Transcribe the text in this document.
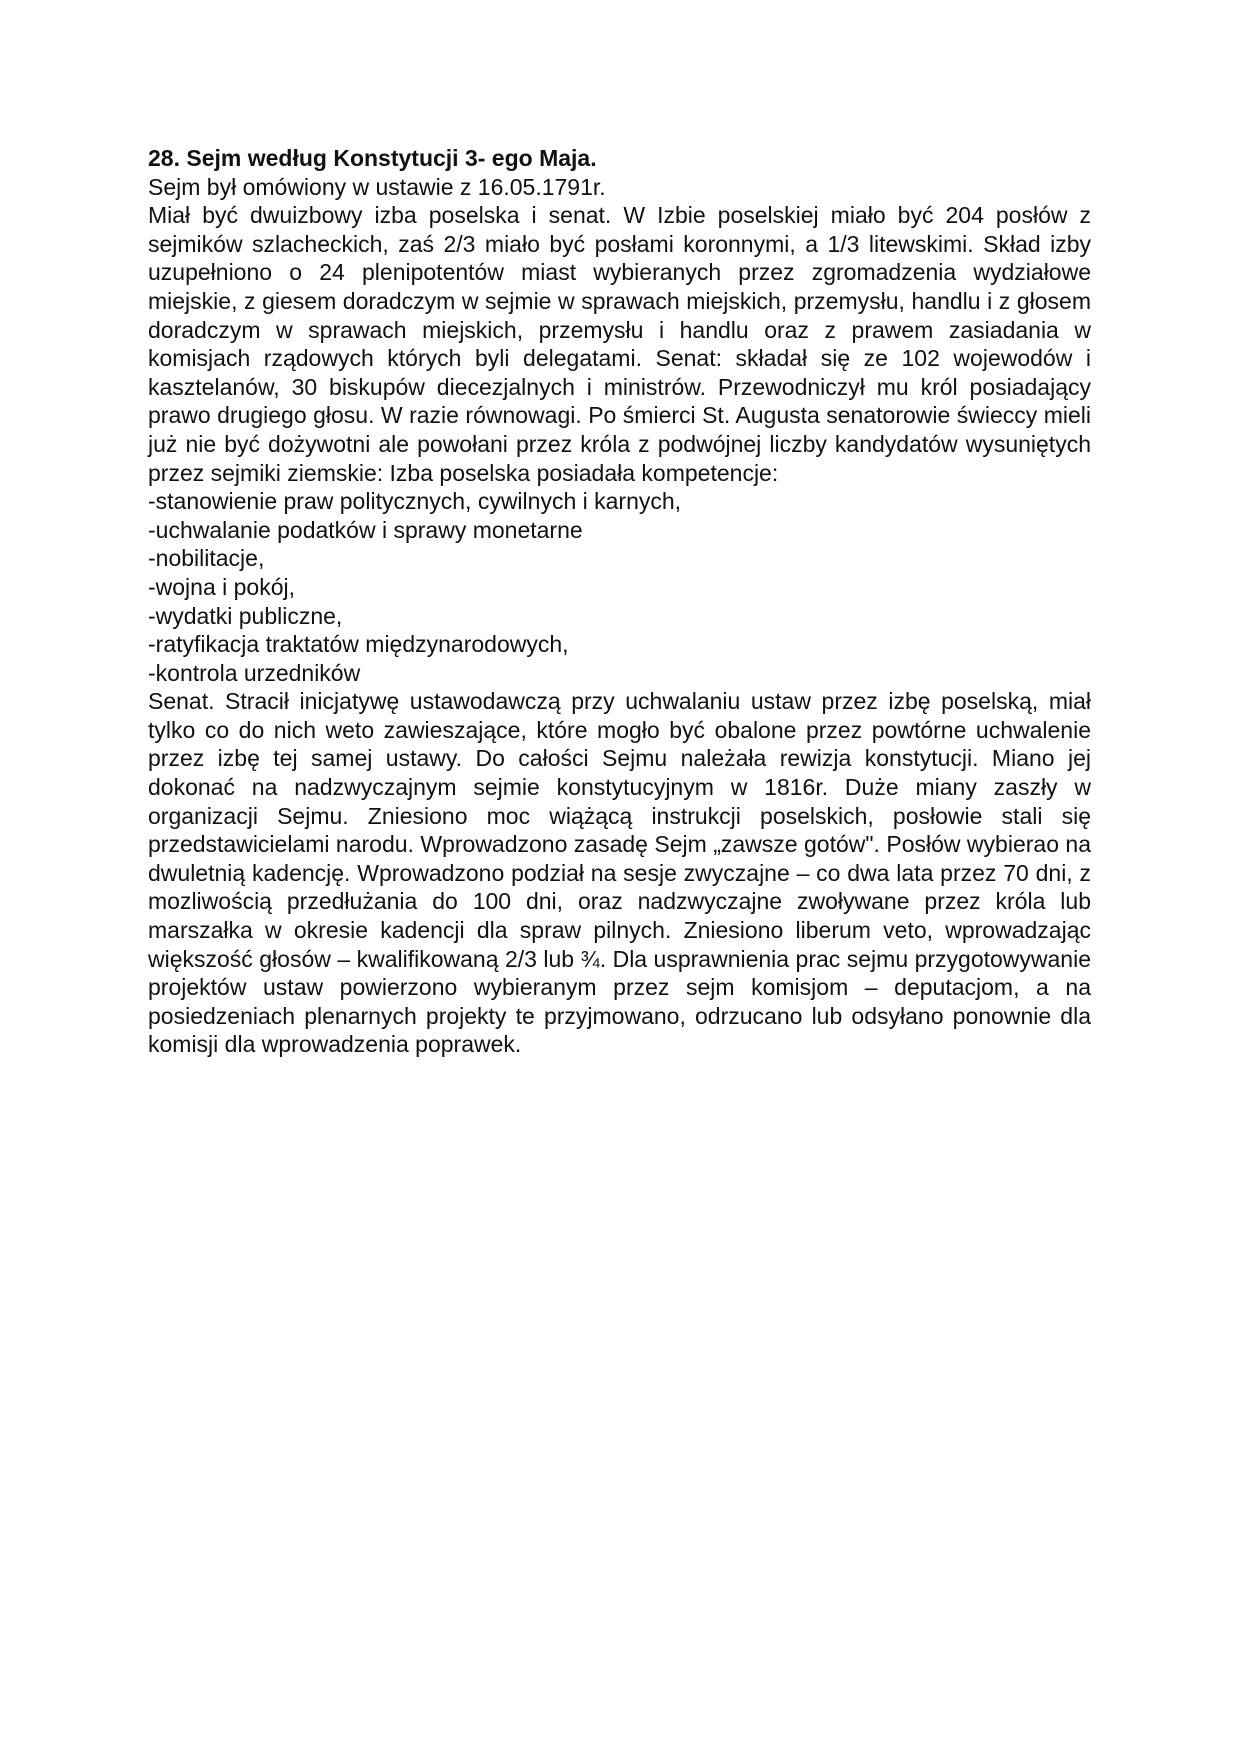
28. Sejm według Konstytucji 3- ego Maja.

Sejm był omówiony w ustawie z 16.05.1791r.

Miał być dwuizbowy izba poselska i senat. W Izbie poselskiej miało być 204 posłów z sejmików szlacheckich, zaś 2/3 miało być posłami koronnymi, a 1/3 litewskimi. Skład izby uzupełniono o 24 plenipotentów miast wybieranych przez zgromadzenia wydziałowe miejskie, z giesem doradczym w sejmie w sprawach miejskich, przemysłu, handlu i z głosem doradczym w sprawach miejskich, przemysłu i handlu oraz z prawem zasiadania w komisjach rządowych których byli delegatami. Senat: składał się ze 102 wojewodów i kasztelanów, 30 biskupów diecezjalnych i ministrów. Przewodniczył mu król posiadający prawo drugiego głosu. W razie równowagi. Po śmierci St. Augusta senatorowie świeccy mieli już nie być dożywotni ale powołani przez króla z podwójnej liczby kandydatów wysuniętych przez sejmiki ziemskie: Izba poselska posiadała kompetencje:

-stanowienie praw politycznych, cywilnych i karnych,
-uchwalanie podatków i sprawy monetarne
-nobilitacje,
-wojna i pokój,
-wydatki publiczne,
-ratyfikacja traktatów międzynarodowych,
-kontrola urzedników

Senat. Stracił inicjatywę ustawodawczą przy uchwalaniu ustaw przez izbę poselską, miał tylko co do nich weto zawieszające, które mogło być obalone przez powtórne uchwalenie przez izbę tej samej ustawy. Do całości Sejmu należała rewizja konstytucji. Miano jej dokonać na nadzwyczajnym sejmie konstytucyjnym w 1816r. Duże miany zaszły w organizacji Sejmu. Zniesiono moc wiążącą instrukcji poselskich, posłowie stali się przedstawicielami narodu. Wprowadzono zasadę Sejm „zawsze gotów". Posłów wybierao na dwuletnią kadencję. Wprowadzono podział na sesje zwyczajne – co dwa lata przez 70 dni, z mozliwością przedłużania do 100 dni, oraz nadzwyczajne zwoływane przez króla lub marszałka w okresie kadencji dla spraw pilnych. Zniesiono liberum veto, wprowadzając większość głosów – kwalifikowaną 2/3 lub ¾. Dla usprawnienia prac sejmu przygotowywanie projektów ustaw powierzono wybieranym przez sejm komisjom – deputacjom, a na posiedzeniach plenarnych projekty te przyjmowano, odrzucano lub odsyłano ponownie dla komisji dla wprowadzenia poprawek.
